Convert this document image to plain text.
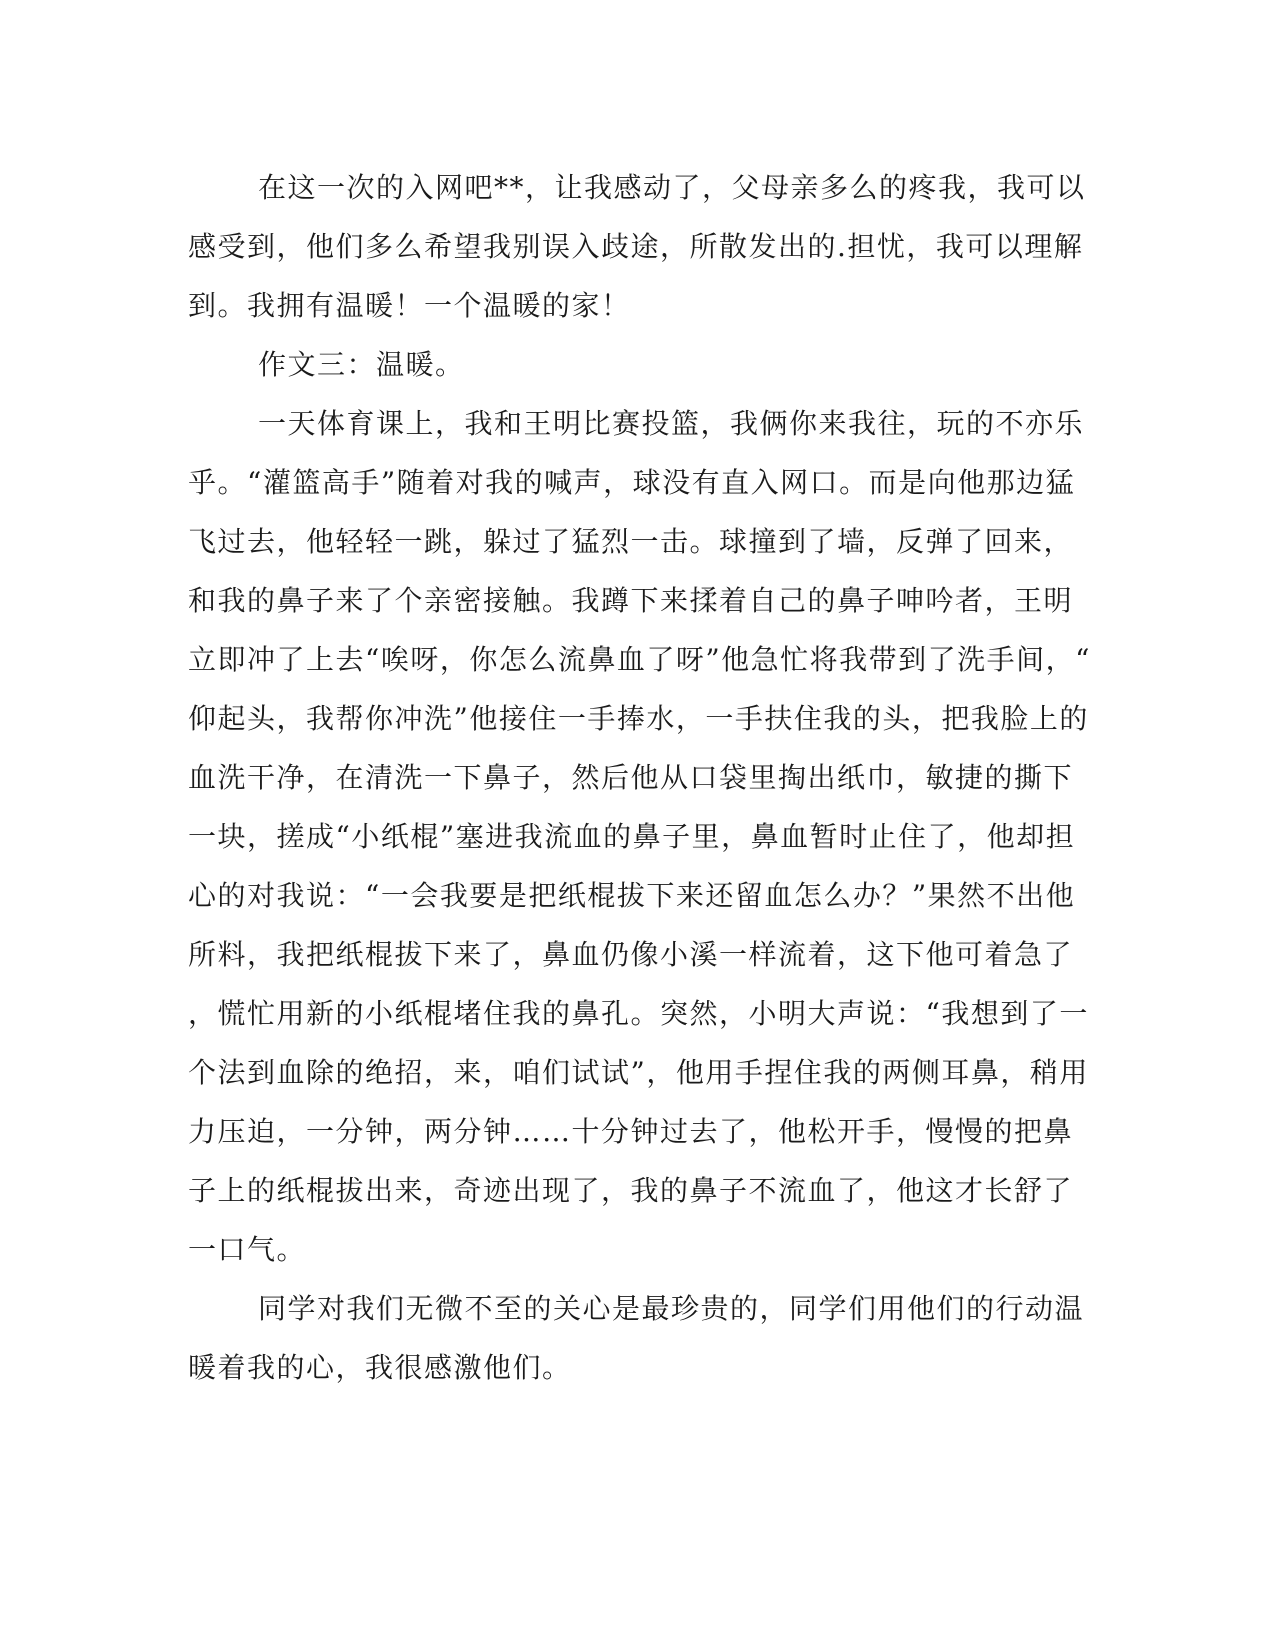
在这一次的入网吧**，让我感动了，父母亲多么的疼我，我可以
感受到，他们多么希望我别误入歧途，所散发出的.担忧，我可以理解
到。我拥有温暖！一个温暖的家！
作文三：温暖。
一天体育课上，我和王明比赛投篮，我俩你来我往，玩的不亦乐
乎。“灌篮高手”随着对我的喊声，球没有直入网口。而是向他那边猛
飞过去，他轻轻一跳，躲过了猛烈一击。球撞到了墙，反弹了回来，
和我的鼻子来了个亲密接触。我蹲下来揉着自己的鼻子呻吟者，王明
立即冲了上去“唉呀，你怎么流鼻血了呀”他急忙将我带到了洗手间，“
仰起头，我帮你冲洗”他接住一手捧水，一手扶住我的头，把我脸上的
血洗干净，在清洗一下鼻子，然后他从口袋里掏出纸巾，敏捷的撕下
一块，搓成“小纸棍”塞进我流血的鼻子里，鼻血暂时止住了，他却担
心的对我说：“一会我要是把纸棍拔下来还留血怎么办？”果然不出他
所料，我把纸棍拔下来了，鼻血仍像小溪一样流着，这下他可着急了
，慌忙用新的小纸棍堵住我的鼻孔。突然，小明大声说：“我想到了一
个法到血除的绝招，来，咱们试试”，他用手捏住我的两侧耳鼻，稍用
力压迫，一分钟，两分钟……十分钟过去了，他松开手，慢慢的把鼻
子上的纸棍拔出来，奇迹出现了，我的鼻子不流血了，他这才长舒了
一口气。
同学对我们无微不至的关心是最珍贵的，同学们用他们的行动温
暖着我的心，我很感激他们。
